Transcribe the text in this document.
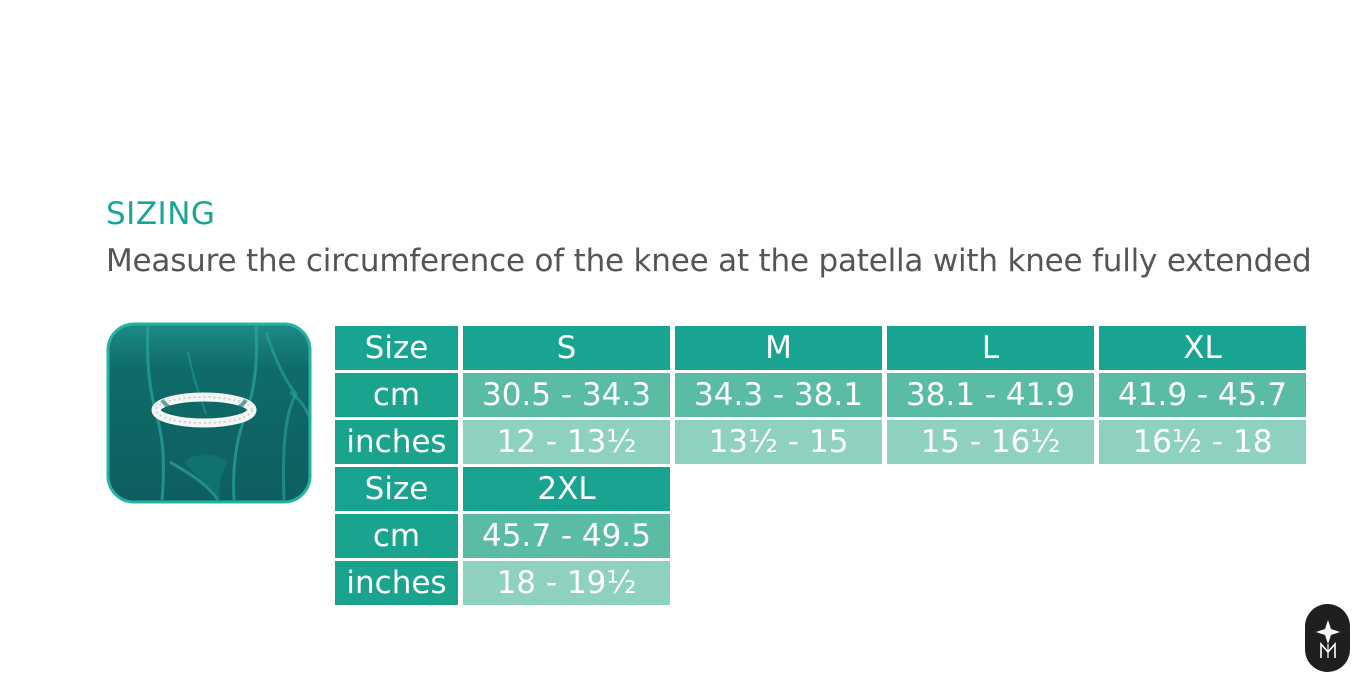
SIZING
Measure the circumference of the knee at the patella with knee fully extended
Size	S	M	L	XL
cm	30.5 - 34.3	34.3 - 38.1	38.1 - 41.9	41.9 - 45.7
inches	12 - 13½	13½ - 15	15 - 16½	16½ - 18
Size	2XL
cm	45.7 - 49.5
inches	18 - 19½
